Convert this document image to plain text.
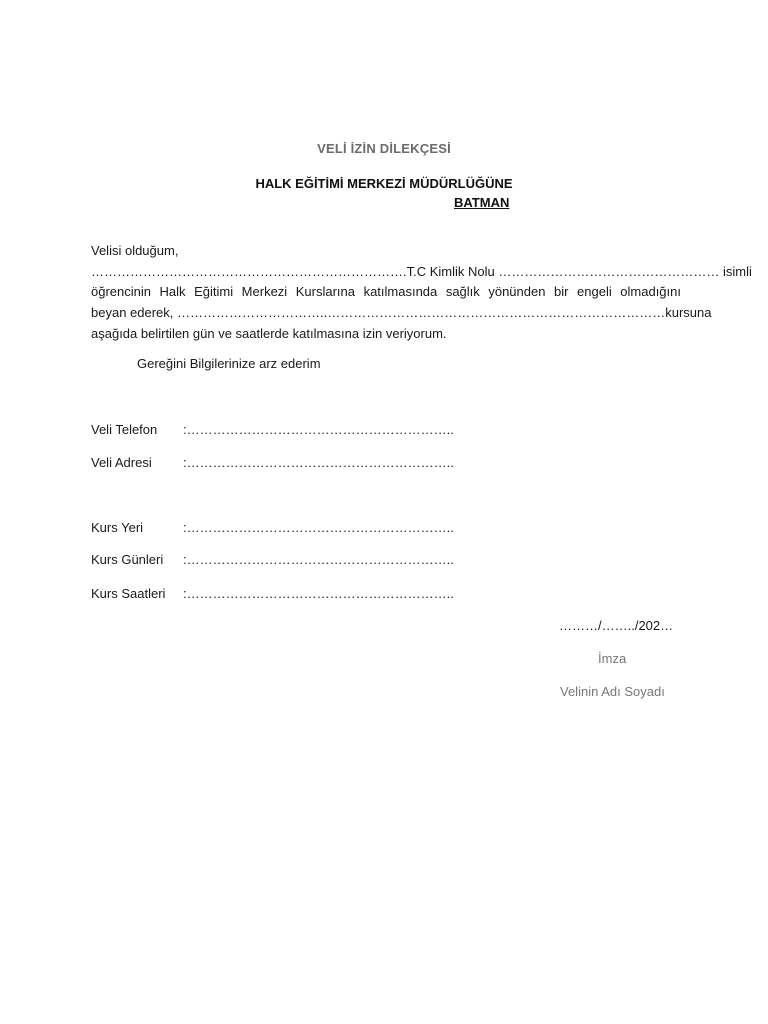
VELİ İZİN DİLEKÇESİ
HALK EĞİTİMİ MERKEZİ MÜDÜRLÜĞÜNE
BATMAN
Velisi olduğum,
……………………………………………………………….T.C Kimlik Nolu …………………………………………… isimli
öğrencinin Halk Eğitimi Merkezi Kurslarına katılmasında sağlık yönünden bir engeli olmadığını
beyan ederek, ……………………………..……………………………………………………………………kursuna
aşağıda belirtilen gün ve saatlerde katılmasına izin veriyorum.
Gereğini Bilgilerinize arz ederim
Veli Telefon :……………………………………………………..
Veli Adresi :……………………………………………………..
Kurs Yeri	:……………………………………………………..
Kurs Günleri :……………………………………………………..
Kurs Saatleri :……………………………………………………..
………/……../202…
İmza
Velinin Adı Soyadı
